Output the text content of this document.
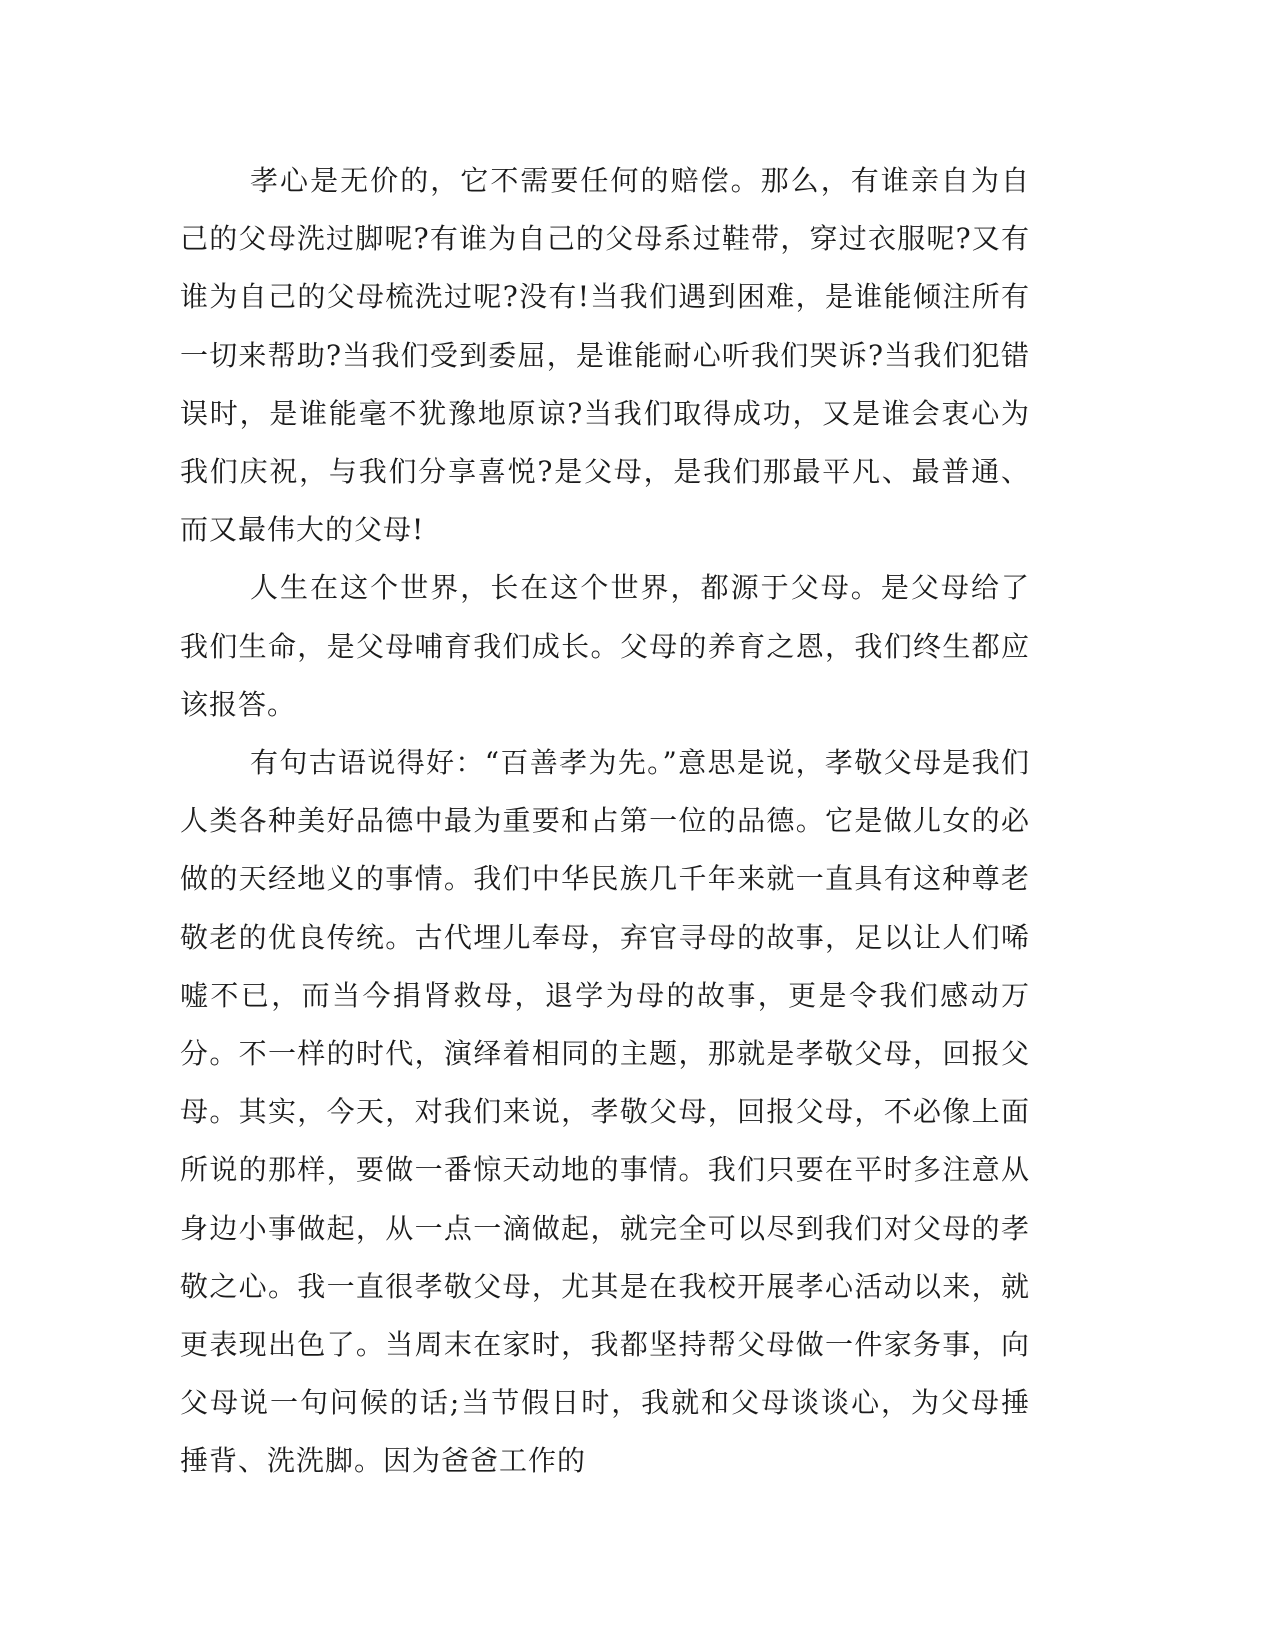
孝心是无价的，它不需要任何的赔偿。那么，有谁亲自为自己的父母洗过脚呢?有谁为自己的父母系过鞋带，穿过衣服呢?又有谁为自己的父母梳洗过呢?没有!当我们遇到困难，是谁能倾注所有一切来帮助?当我们受到委屈，是谁能耐心听我们哭诉?当我们犯错误时，是谁能毫不犹豫地原谅?当我们取得成功，又是谁会衷心为我们庆祝，与我们分享喜悦?是父母，是我们那最平凡、最普通、而又最伟大的父母!

人生在这个世界，长在这个世界，都源于父母。是父母给了我们生命，是父母哺育我们成长。父母的养育之恩，我们终生都应该报答。

有句古语说得好：“百善孝为先。”意思是说，孝敬父母是我们人类各种美好品德中最为重要和占第一位的品德。它是做儿女的必做的天经地义的事情。我们中华民族几千年来就一直具有这种尊老敬老的优良传统。古代埋儿奉母，弃官寻母的故事，足以让人们唏嘘不已，而当今捐肾救母，退学为母的故事，更是令我们感动万分。不一样的时代，演绎着相同的主题，那就是孝敬父母，回报父母。其实，今天，对我们来说，孝敬父母，回报父母，不必像上面所说的那样，要做一番惊天动地的事情。我们只要在平时多注意从身边小事做起，从一点一滴做起，就完全可以尽到我们对父母的孝敬之心。我一直很孝敬父母，尤其是在我校开展孝心活动以来，就更表现出色了。当周末在家时，我都坚持帮父母做一件家务事，向父母说一句问候的话;当节假日时，我就和父母谈谈心，为父母捶捶背、洗洗脚。因为爸爸工作的
